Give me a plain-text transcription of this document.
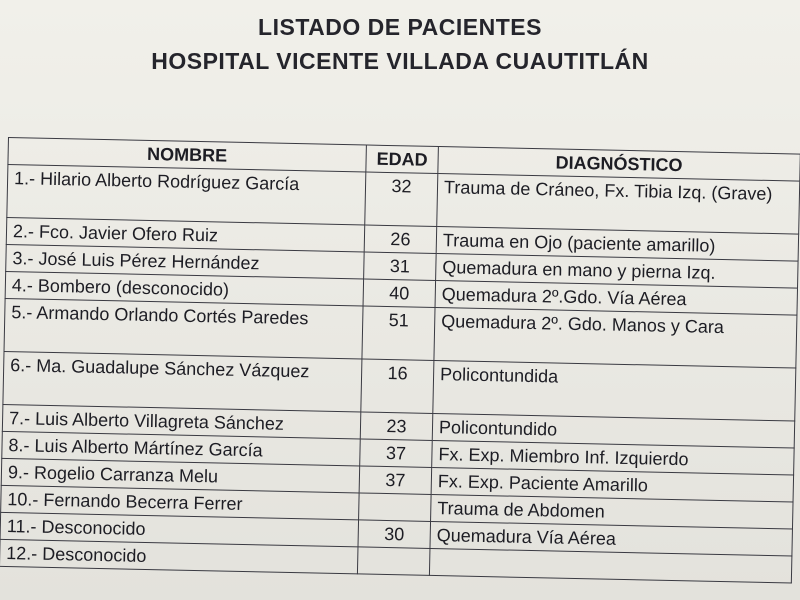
LISTADO DE PACIENTES
HOSPITAL VICENTE VILLADA CUAUTITLÁN
NOMBRE	EDAD	DIAGNÓSTICO
1.- Hilario Alberto Rodríguez García	32	Trauma de Cráneo, Fx. Tibia Izq. (Grave)
2.- Fco. Javier Ofero Ruiz	26	Trauma en Ojo (paciente amarillo)
3.- José Luis Pérez Hernández	31	Quemadura en mano y pierna Izq.
4.- Bombero (desconocido)	40	Quemadura 2º.Gdo. Vía Aérea
5.- Armando Orlando Cortés Paredes	51	Quemadura 2º. Gdo. Manos y Cara
6.- Ma. Guadalupe Sánchez Vázquez	16	Policontundida
7.- Luis Alberto Villagreta Sánchez	23	Policontundido
8.- Luis Alberto Mártínez García	37	Fx. Exp. Miembro Inf. Izquierdo
9.- Rogelio Carranza Melu	37	Fx. Exp. Paciente Amarillo
10.- Fernando Becerra Ferrer		Trauma de Abdomen
11.- Desconocido	30	Quemadura Vía Aérea
12.- Desconocido		
